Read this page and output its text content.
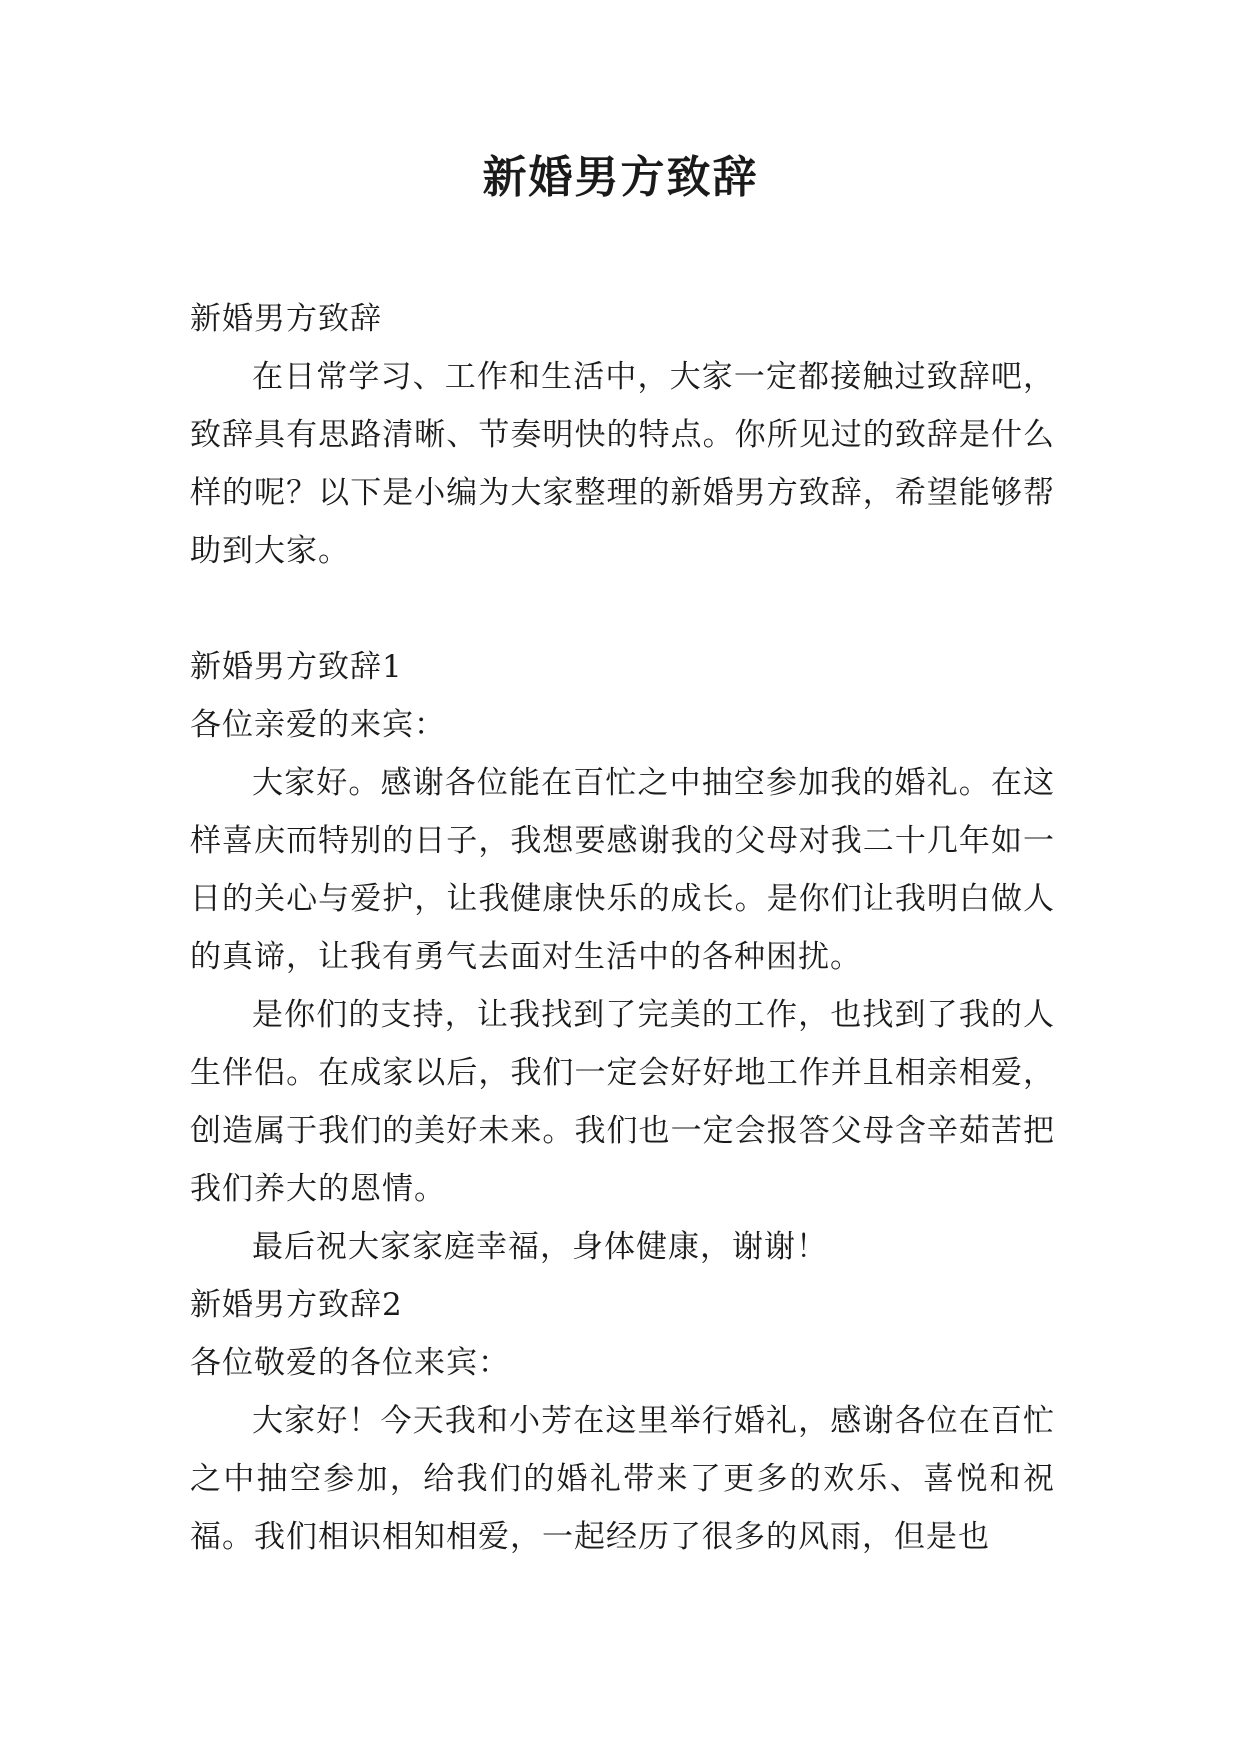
新婚男方致辞

新婚男方致辞

在日常学习、工作和生活中，大家一定都接触过致辞吧，致辞具有思路清晰、节奏明快的特点。你所见过的致辞是什么样的呢？以下是小编为大家整理的新婚男方致辞，希望能够帮助到大家。

新婚男方致辞1

各位亲爱的来宾：

大家好。感谢各位能在百忙之中抽空参加我的婚礼。在这样喜庆而特别的日子，我想要感谢我的父母对我二十几年如一日的关心与爱护，让我健康快乐的成长。是你们让我明白做人的真谛，让我有勇气去面对生活中的各种困扰。

是你们的支持，让我找到了完美的工作，也找到了我的人生伴侣。在成家以后，我们一定会好好地工作并且相亲相爱，创造属于我们的美好未来。我们也一定会报答父母含辛茹苦把我们养大的恩情。

最后祝大家家庭幸福，身体健康，谢谢！

新婚男方致辞2

各位敬爱的各位来宾：

大家好！今天我和小芳在这里举行婚礼，感谢各位在百忙之中抽空参加，给我们的婚礼带来了更多的欢乐、喜悦和祝福。我们相识相知相爱，一起经历了很多的风雨，但是也
